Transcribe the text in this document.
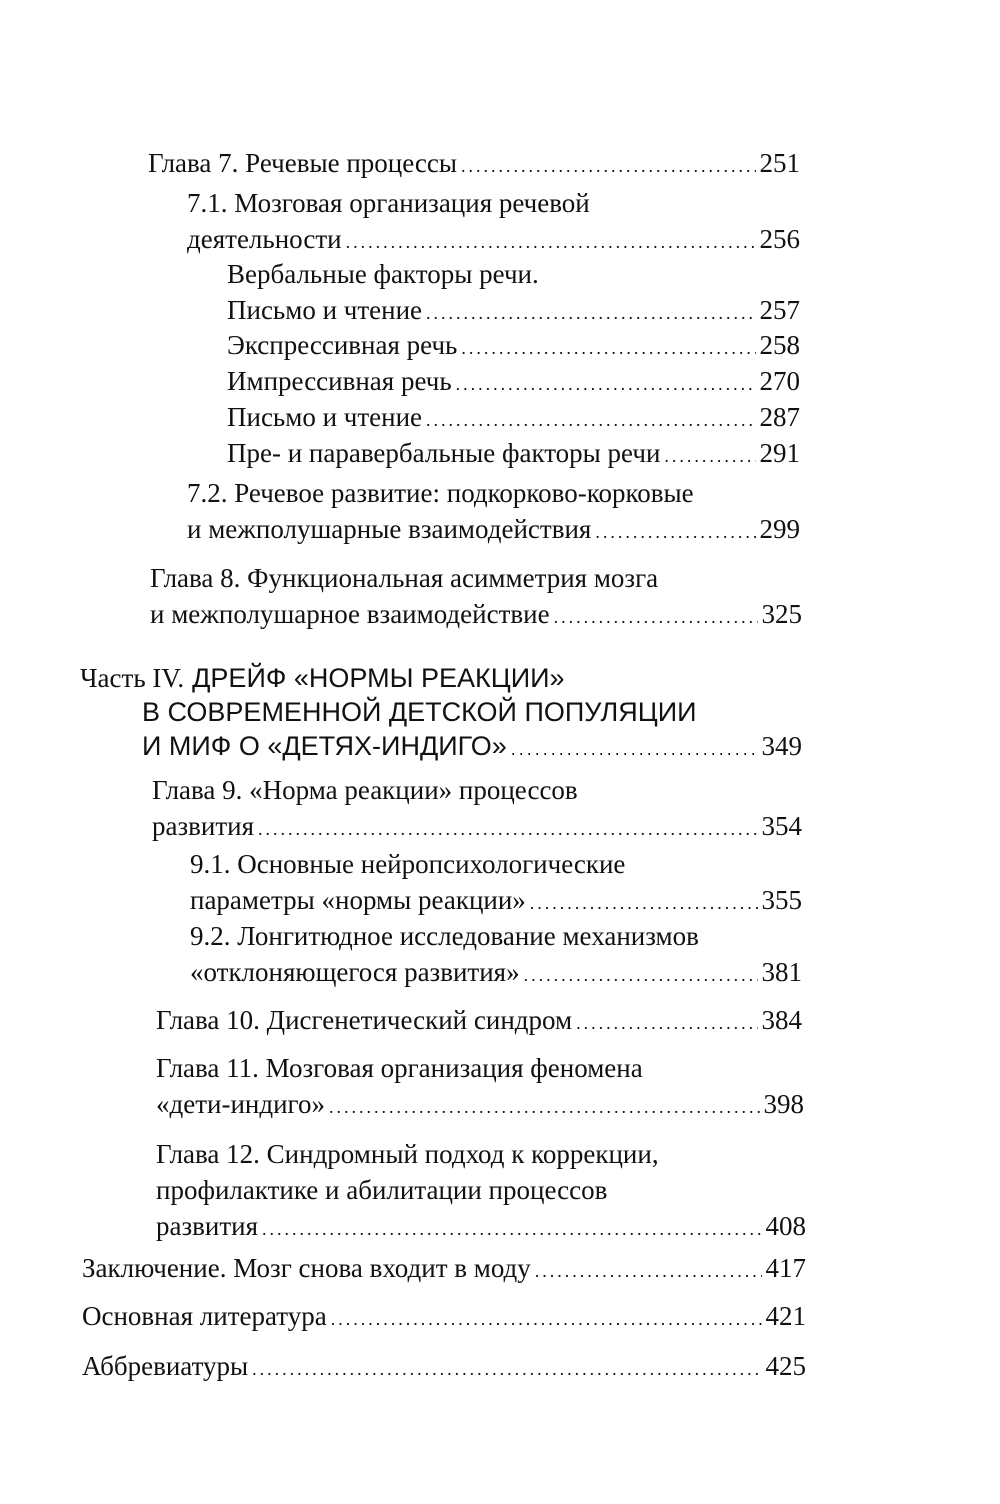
Глава 7. Речевые процессы .....	251
7.1. Мозговая организация речевой
деятельности .....	256
Вербальные факторы речи.
Письмо и чтение .....	257
Экспрессивная речь .....	258
Импрессивная речь .....	270
Письмо и чтение .....	287
Пре- и паравербальные факторы речи .....	291
7.2. Речевое развитие: подкорково-корковые
и межполушарные взаимодействия .....	299
Глава 8. Функциональная асимметрия мозга
и межполушарное взаимодействие .....	325
Часть IV. ДРЕЙФ «НОРМЫ РЕАКЦИИ»
В СОВРЕМЕННОЙ ДЕТСКОЙ ПОПУЛЯЦИИ
И МИФ О «ДЕТЯХ-ИНДИГО» .....	349
Глава 9. «Норма реакции» процессов
развития .....	354
9.1. Основные нейропсихологические
параметры «нормы реакции» .....	355
9.2. Лонгитюдное исследование механизмов
«отклоняющегося развития» .....	381
Глава 10. Дисгенетический синдром .....	384
Глава 11. Мозговая организация феномена
«дети-индиго» .....	398
Глава 12. Синдромный подход к коррекции,
профилактике и абилитации процессов
развития .....	408
Заключение. Мозг снова входит в моду .....	417
Основная литература .....	421
Аббревиатуры .....	425
